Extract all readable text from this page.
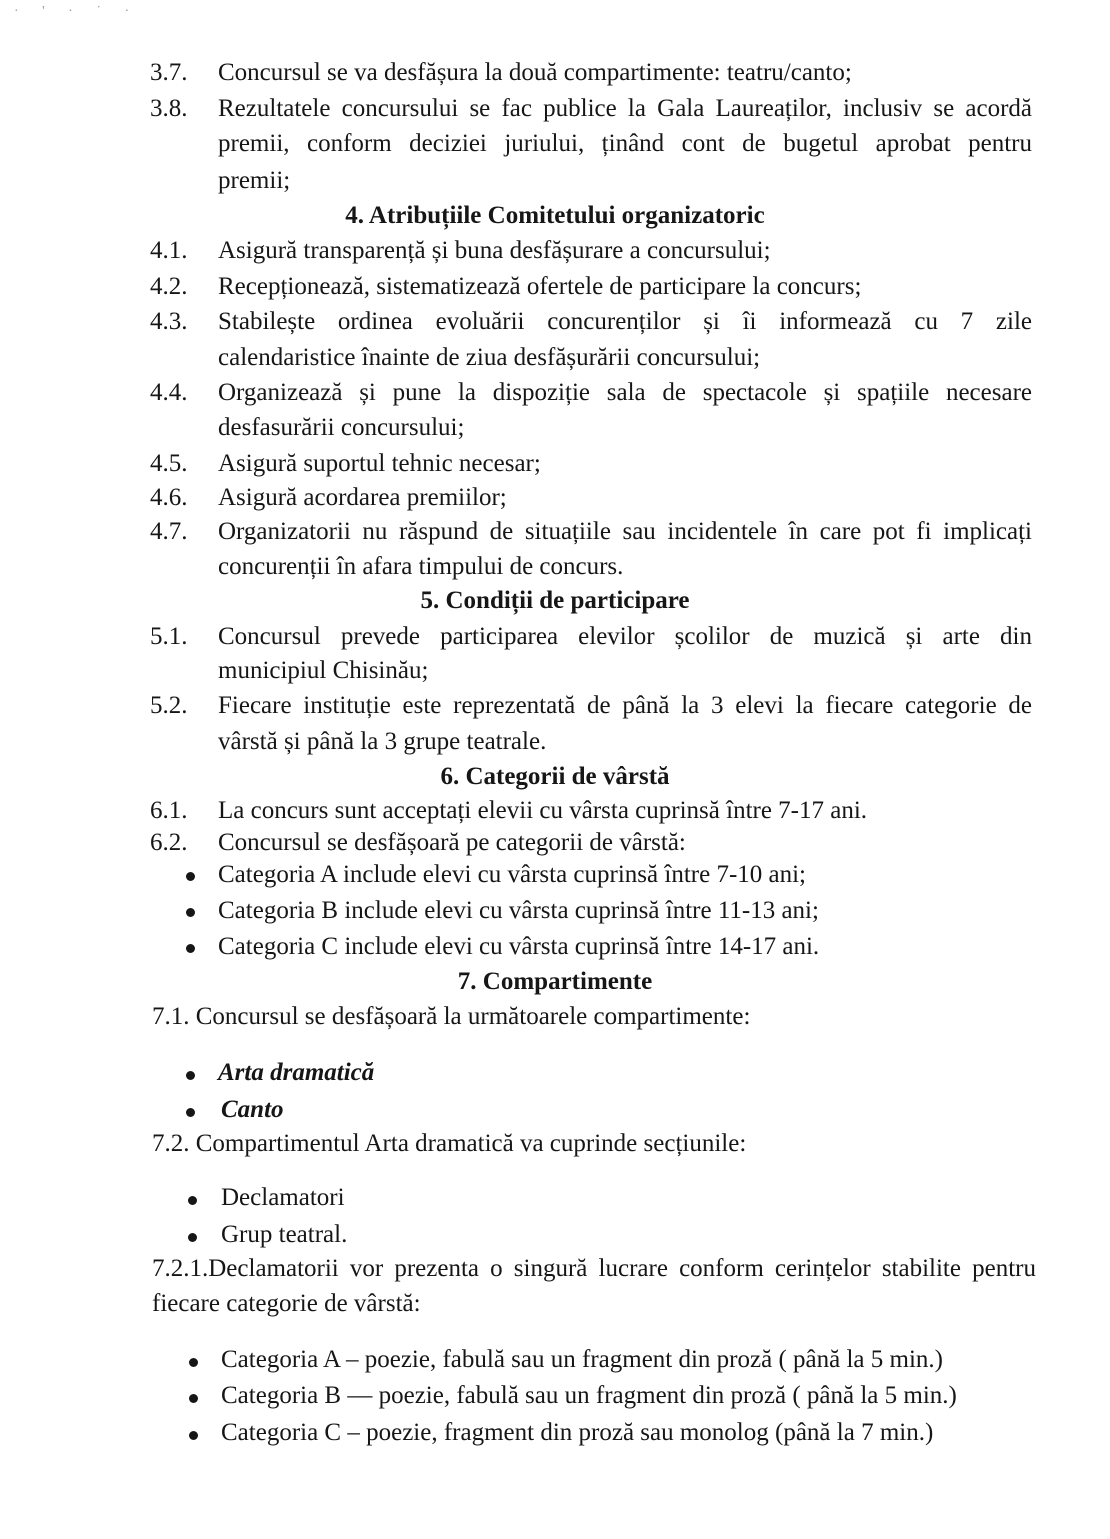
· ' · ˙ ·
3.7. Concursul se va desfășura la două compartimente: teatru/canto;
3.8. Rezultatele concursului se fac publice la Gala Laureaților, inclusiv se acordă
premii, conform deciziei juriului, ținând cont de bugetul aprobat pentru
premii;
4. Atribuțiile Comitetului organizatoric
4.1. Asigură transparență și buna desfășurare a concursului;
4.2. Recepționează, sistematizează ofertele de participare la concurs;
4.3. Stabilește ordinea evoluării concurenților și îi informează cu 7 zile
calendaristice înainte de ziua desfășurării concursului;
4.4. Organizează și pune la dispoziție sala de spectacole și spațiile necesare
desfasurării concursului;
4.5. Asigură suportul tehnic necesar;
4.6. Asigură acordarea premiilor;
4.7. Organizatorii nu răspund de situațiile sau incidentele în care pot fi implicați
concurenții în afara timpului de concurs.
5. Condiții de participare
5.1. Concursul prevede participarea elevilor școlilor de muzică și arte din
municipiul Chisinău;
5.2. Fiecare instituție este reprezentată de până la 3 elevi la fiecare categorie de
vârstă și până la 3 grupe teatrale.
6. Categorii de vârstă
6.1. La concurs sunt acceptați elevii cu vârsta cuprinsă între 7-17 ani.
6.2. Concursul se desfășoară pe categorii de vârstă:
Categoria A include elevi cu vârsta cuprinsă între 7-10 ani;
Categoria B include elevi cu vârsta cuprinsă între 11-13 ani;
Categoria C include elevi cu vârsta cuprinsă între 14-17 ani.
7. Compartimente
7.1. Concursul se desfășoară la următoarele compartimente:
Arta dramatică
Canto
7.2. Compartimentul Arta dramatică va cuprinde secțiunile:
Declamatori
Grup teatral.
7.2.1.Declamatorii vor prezenta o singură lucrare conform cerințelor stabilite pentru
fiecare categorie de vârstă:
Categoria A – poezie, fabulă sau un fragment din proză ( până la 5 min.)
Categoria B –– poezie, fabulă sau un fragment din proză ( până la 5 min.)
Categoria C – poezie, fragment din proză sau monolog (până la 7 min.)
